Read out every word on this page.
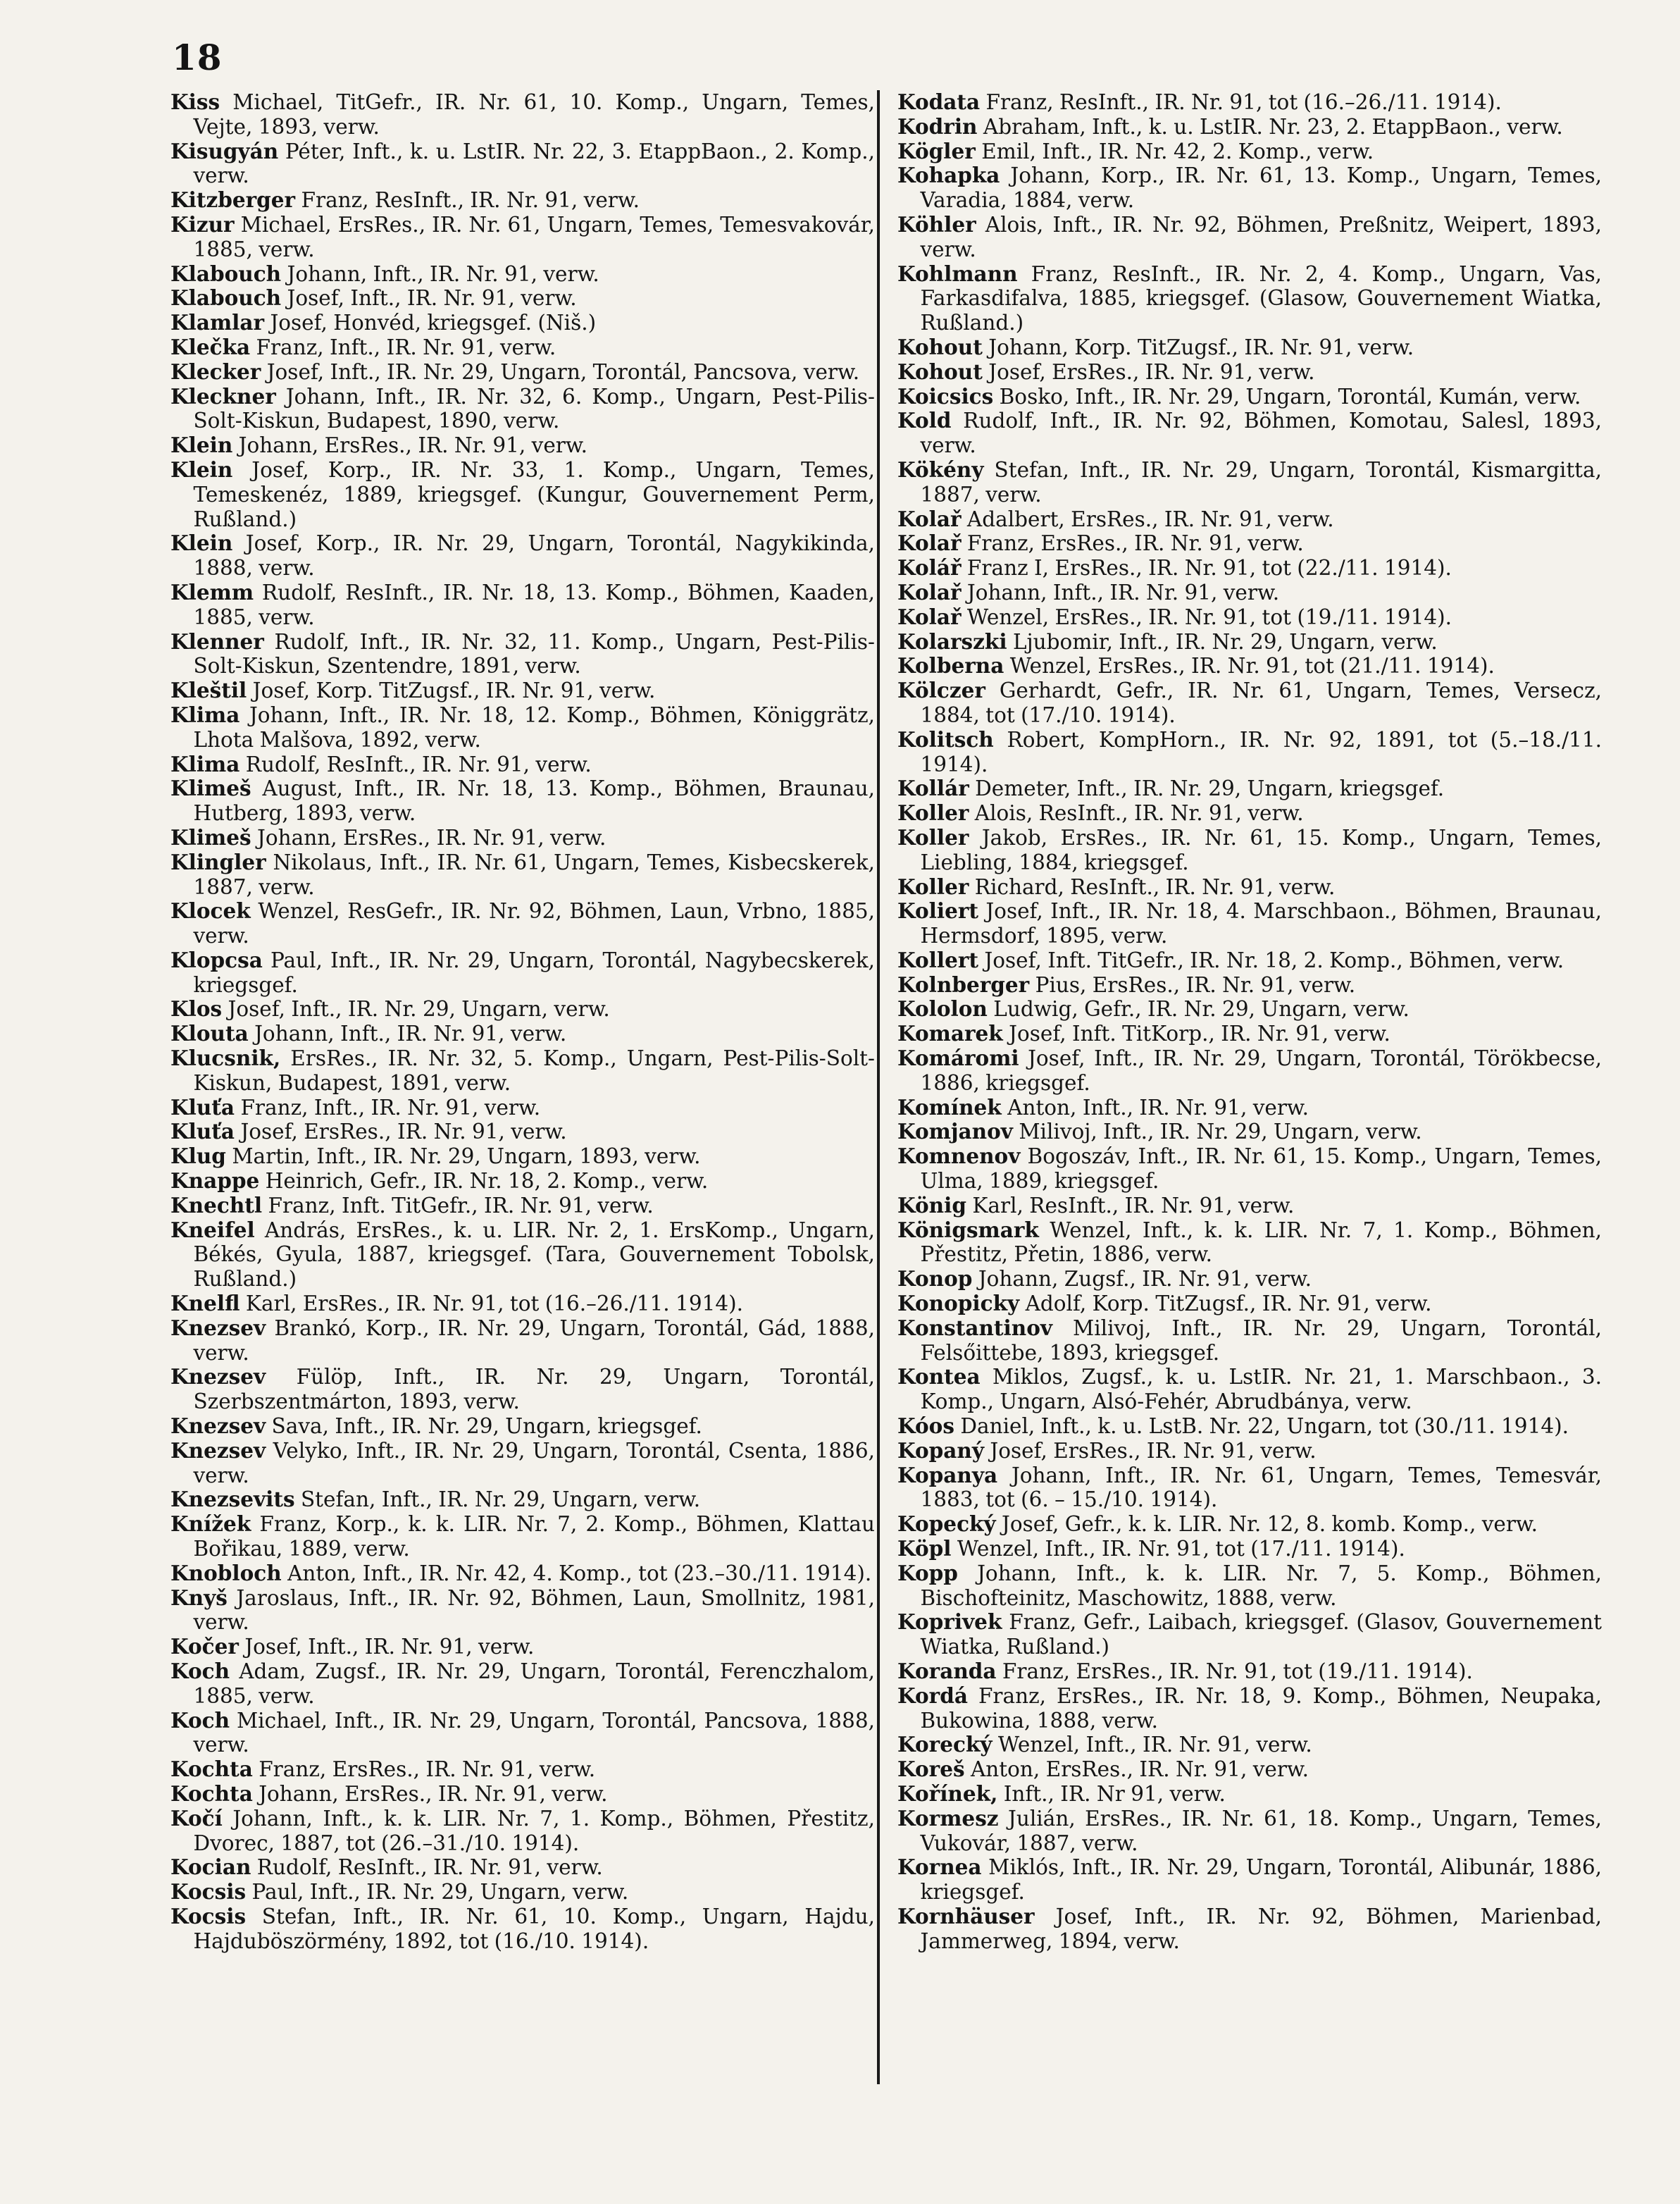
18
Kiss Michael, TitGefr., IR. Nr. 61, 10. Komp., Ungarn, Temes, Vejte, 1893, verw.
Kisugyán Péter, Inft., k. u. LstIR. Nr. 22, 3. EtappBaon., 2. Komp., verw.
Kitzberger Franz, ResInft., IR. Nr. 91, verw.
Kizur Michael, ErsRes., IR. Nr. 61, Ungarn, Temes, Temesvakovár, 1885, verw.
Klabouch Johann, Inft., IR. Nr. 91, verw.
Klabouch Josef, Inft., IR. Nr. 91, verw.
Klamlar Josef, Honvéd, kriegsgef. (Niš.)
Klečka Franz, Inft., IR. Nr. 91, verw.
Klecker Josef, Inft., IR. Nr. 29, Ungarn, Torontál, Pancsova, verw.
Kleckner Johann, Inft., IR. Nr. 32, 6. Komp., Ungarn, Pest-Pilis-Solt-Kiskun, Budapest, 1890, verw.
Klein Johann, ErsRes., IR. Nr. 91, verw.
Klein Josef, Korp., IR. Nr. 33, 1. Komp., Ungarn, Temes, Temeskenéz, 1889, kriegsgef. (Kungur, Gouvernement Perm, Rußland.)
Klein Josef, Korp., IR. Nr. 29, Ungarn, Torontál, Nagykikinda, 1888, verw.
Klemm Rudolf, ResInft., IR. Nr. 18, 13. Komp., Böhmen, Kaaden, 1885, verw.
Klenner Rudolf, Inft., IR. Nr. 32, 11. Komp., Ungarn, Pest-Pilis-Solt-Kiskun, Szentendre, 1891, verw.
Kleštil Josef, Korp. TitZugsf., IR. Nr. 91, verw.
Klima Johann, Inft., IR. Nr. 18, 12. Komp., Böhmen, Königgrätz, Lhota Malšova, 1892, verw.
Klima Rudolf, ResInft., IR. Nr. 91, verw.
Klimeš August, Inft., IR. Nr. 18, 13. Komp., Böhmen, Braunau, Hutberg, 1893, verw.
Klimeš Johann, ErsRes., IR. Nr. 91, verw.
Klingler Nikolaus, Inft., IR. Nr. 61, Ungarn, Temes, Kisbecskerek, 1887, verw.
Klocek Wenzel, ResGefr., IR. Nr. 92, Böhmen, Laun, Vrbno, 1885, verw.
Klopcsa Paul, Inft., IR. Nr. 29, Ungarn, Torontál, Nagybecskerek, kriegsgef.
Klos Josef, Inft., IR. Nr. 29, Ungarn, verw.
Klouta Johann, Inft., IR. Nr. 91, verw.
Klucsnik, ErsRes., IR. Nr. 32, 5. Komp., Ungarn, Pest-Pilis-Solt-Kiskun, Budapest, 1891, verw.
Kluťa Franz, Inft., IR. Nr. 91, verw.
Kluťa Josef, ErsRes., IR. Nr. 91, verw.
Klug Martin, Inft., IR. Nr. 29, Ungarn, 1893, verw.
Knappe Heinrich, Gefr., IR. Nr. 18, 2. Komp., verw.
Knechtl Franz, Inft. TitGefr., IR. Nr. 91, verw.
Kneifel András, ErsRes., k. u. LIR. Nr. 2, 1. ErsKomp., Ungarn, Békés, Gyula, 1887, kriegsgef. (Tara, Gouvernement Tobolsk, Rußland.)
Knelfl Karl, ErsRes., IR. Nr. 91, tot (16.–26./11. 1914).
Knezsev Brankó, Korp., IR. Nr. 29, Ungarn, Torontál, Gád, 1888, verw.
Knezsev Fülöp, Inft., IR. Nr. 29, Ungarn, Torontál, Szerbszentmárton, 1893, verw.
Knezsev Sava, Inft., IR. Nr. 29, Ungarn, kriegsgef.
Knezsev Velyko, Inft., IR. Nr. 29, Ungarn, Torontál, Csenta, 1886, verw.
Knezsevits Stefan, Inft., IR. Nr. 29, Ungarn, verw.
Knížek Franz, Korp., k. k. LIR. Nr. 7, 2. Komp., Böhmen, Klattau Bořikau, 1889, verw.
Knobloch Anton, Inft., IR. Nr. 42, 4. Komp., tot (23.–30./11. 1914).
Knyš Jaroslaus, Inft., IR. Nr. 92, Böhmen, Laun, Smollnitz, 1981, verw.
Kočer Josef, Inft., IR. Nr. 91, verw.
Koch Adam, Zugsf., IR. Nr. 29, Ungarn, Torontál, Ferenczhalom, 1885, verw.
Koch Michael, Inft., IR. Nr. 29, Ungarn, Torontál, Pancsova, 1888, verw.
Kochta Franz, ErsRes., IR. Nr. 91, verw.
Kochta Johann, ErsRes., IR. Nr. 91, verw.
Kočí Johann, Inft., k. k. LIR. Nr. 7, 1. Komp., Böhmen, Přestitz, Dvorec, 1887, tot (26.–31./10. 1914).
Kocian Rudolf, ResInft., IR. Nr. 91, verw.
Kocsis Paul, Inft., IR. Nr. 29, Ungarn, verw.
Kocsis Stefan, Inft., IR. Nr. 61, 10. Komp., Ungarn, Hajdu, Hajduböszörmény, 1892, tot (16./10. 1914).
Kodata Franz, ResInft., IR. Nr. 91, tot (16.–26./11. 1914).
Kodrin Abraham, Inft., k. u. LstIR. Nr. 23, 2. EtappBaon., verw.
Kögler Emil, Inft., IR. Nr. 42, 2. Komp., verw.
Kohapka Johann, Korp., IR. Nr. 61, 13. Komp., Ungarn, Temes, Varadia, 1884, verw.
Köhler Alois, Inft., IR. Nr. 92, Böhmen, Preßnitz, Weipert, 1893, verw.
Kohlmann Franz, ResInft., IR. Nr. 2, 4. Komp., Ungarn, Vas, Farkasdifalva, 1885, kriegsgef. (Glasow, Gouvernement Wiatka, Rußland.)
Kohout Johann, Korp. TitZugsf., IR. Nr. 91, verw.
Kohout Josef, ErsRes., IR. Nr. 91, verw.
Koicsics Bosko, Inft., IR. Nr. 29, Ungarn, Torontál, Kumán, verw.
Kold Rudolf, Inft., IR. Nr. 92, Böhmen, Komotau, Salesl, 1893, verw.
Kökény Stefan, Inft., IR. Nr. 29, Ungarn, Torontál, Kismargitta, 1887, verw.
Kolař Adalbert, ErsRes., IR. Nr. 91, verw.
Kolař Franz, ErsRes., IR. Nr. 91, verw.
Kolář Franz I, ErsRes., IR. Nr. 91, tot (22./11. 1914).
Kolař Johann, Inft., IR. Nr. 91, verw.
Kolař Wenzel, ErsRes., IR. Nr. 91, tot (19./11. 1914).
Kolarszki Ljubomir, Inft., IR. Nr. 29, Ungarn, verw.
Kolberna Wenzel, ErsRes., IR. Nr. 91, tot (21./11. 1914).
Kölczer Gerhardt, Gefr., IR. Nr. 61, Ungarn, Temes, Versecz, 1884, tot (17./10. 1914).
Kolitsch Robert, KompHorn., IR. Nr. 92, 1891, tot (5.–18./11. 1914).
Kollár Demeter, Inft., IR. Nr. 29, Ungarn, kriegsgef.
Koller Alois, ResInft., IR. Nr. 91, verw.
Koller Jakob, ErsRes., IR. Nr. 61, 15. Komp., Ungarn, Temes, Liebling, 1884, kriegsgef.
Koller Richard, ResInft., IR. Nr. 91, verw.
Koliert Josef, Inft., IR. Nr. 18, 4. Marschbaon., Böhmen, Braunau, Hermsdorf, 1895, verw.
Kollert Josef, Inft. TitGefr., IR. Nr. 18, 2. Komp., Böhmen, verw.
Kolnberger Pius, ErsRes., IR. Nr. 91, verw.
Kololon Ludwig, Gefr., IR. Nr. 29, Ungarn, verw.
Komarek Josef, Inft. TitKorp., IR. Nr. 91, verw.
Komáromi Josef, Inft., IR. Nr. 29, Ungarn, Torontál, Törökbecse, 1886, kriegsgef.
Komínek Anton, Inft., IR. Nr. 91, verw.
Komjanov Milivoj, Inft., IR. Nr. 29, Ungarn, verw.
Komnenov Bogoszáv, Inft., IR. Nr. 61, 15. Komp., Ungarn, Temes, Ulma, 1889, kriegsgef.
König Karl, ResInft., IR. Nr. 91, verw.
Königsmark Wenzel, Inft., k. k. LIR. Nr. 7, 1. Komp., Böhmen, Přestitz, Přetin, 1886, verw.
Konop Johann, Zugsf., IR. Nr. 91, verw.
Konopicky Adolf, Korp. TitZugsf., IR. Nr. 91, verw.
Konstantinov Milivoj, Inft., IR. Nr. 29, Ungarn, Torontál, Felsőittebe, 1893, kriegsgef.
Kontea Miklos, Zugsf., k. u. LstIR. Nr. 21, 1. Marschbaon., 3. Komp., Ungarn, Alsó-Fehér, Abrudbánya, verw.
Kóos Daniel, Inft., k. u. LstB. Nr. 22, Ungarn, tot (30./11. 1914).
Kopaný Josef, ErsRes., IR. Nr. 91, verw.
Kopanya Johann, Inft., IR. Nr. 61, Ungarn, Temes, Temesvár, 1883, tot (6. – 15./10. 1914).
Kopecký Josef, Gefr., k. k. LIR. Nr. 12, 8. komb. Komp., verw.
Köpl Wenzel, Inft., IR. Nr. 91, tot (17./11. 1914).
Kopp Johann, Inft., k. k. LIR. Nr. 7, 5. Komp., Böhmen, Bischofteinitz, Maschowitz, 1888, verw.
Koprivek Franz, Gefr., Laibach, kriegsgef. (Glasov, Gouvernement Wiatka, Rußland.)
Koranda Franz, ErsRes., IR. Nr. 91, tot (19./11. 1914).
Kordá Franz, ErsRes., IR. Nr. 18, 9. Komp., Böhmen, Neupaka, Bukowina, 1888, verw.
Korecký Wenzel, Inft., IR. Nr. 91, verw.
Koreš Anton, ErsRes., IR. Nr. 91, verw.
Kořínek, Inft., IR. Nr 91, verw.
Kormesz Julián, ErsRes., IR. Nr. 61, 18. Komp., Ungarn, Temes, Vukovár, 1887, verw.
Kornea Miklós, Inft., IR. Nr. 29, Ungarn, Torontál, Alibunár, 1886, kriegsgef.
Kornhäuser Josef, Inft., IR. Nr. 92, Böhmen, Marienbad, Jammerweg, 1894, verw.
